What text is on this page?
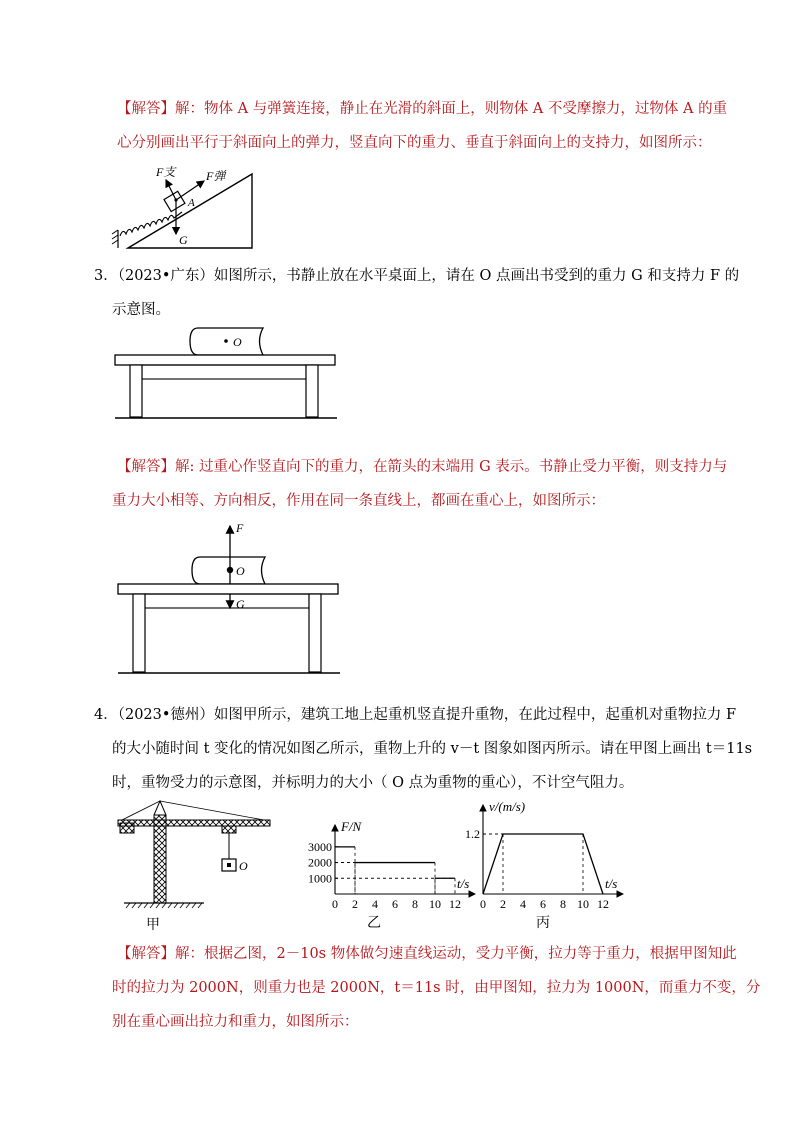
【解答】解：物体 A 与弹簧连接，静止在光滑的斜面上，则物体 A 不受摩擦力，过物体 A 的重
心分别画出平行于斜面向上的弹力，竖直向下的重力、垂直于斜面向上的支持力，如图所示：
F支	F弹
A
G
3．（2023•广东）如图所示，书静止放在水平桌面上，请在 O 点画出书受到的重力 G 和支持力 F 的
示意图。
O
【解答】解: 过重心作竖直向下的重力，在箭头的末端用 G 表示。书静止受力平衡，则支持力与
重力大小相等、方向相反，作用在同一条直线上，都画在重心上，如图所示：
F
O
G
4．（2023•德州）如图甲所示，建筑工地上起重机竖直提升重物，在此过程中，起重机对重物拉力 F
的大小随时间 t 变化的情况如图乙所示，重物上升的 v－t 图象如图丙所示。请在甲图上画出 t＝11s
时，重物受力的示意图，并标明力的大小（ O 点为重物的重心），不计空气阻力。
O
甲
F/N
t/s
0 2 4 6 8 10 12
1000
2000
3000
乙
v/(m/s)
t/s
0 2 4 6 8 10 12
1.2
丙
【解答】解：根据乙图，2－10s 物体做匀速直线运动，受力平衡，拉力等于重力，根据甲图知此
时的拉力为 2000N，则重力也是 2000N，t＝11s 时，由甲图知，拉力为 1000N，而重力不变，分
别在重心画出拉力和重力，如图所示：
